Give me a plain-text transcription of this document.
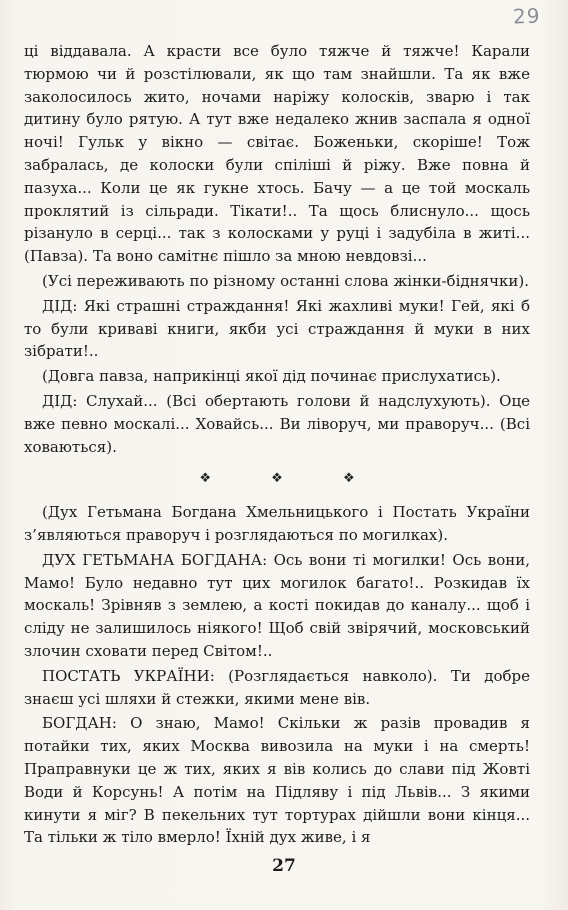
29

ці віддавала. А красти все було тяжче й тяжче! Карали тюрмою чи й розстілювали, як що там знайшли. Та як вже заколосилось жито, ночами наріжу колосків, зварю і так дитину було рятую. А тут вже недалеко жнив заспала я одної ночі! Гульк у вікно — світає. Боженьки, скоріше! Тож забралась, де колоски були спіліші й ріжу. Вже повна й пазуха... Коли це як гукне хтось. Бачу — а це той москаль проклятий із сільради. Тікати!.. Та щось блиснуло... щось різануло в серці... так з колосками у руці і задубіла в житі... (Павза). Та воно самітнє пішло за мною невдовзі...

(Усі переживають по різному останні слова жінки-біднячки).

ДІД: Які страшні страждання! Які жахливі муки! Гей, які б то були криваві книги, якби усі страждання й муки в них зібрати!..

(Довга павза, наприкінці якої дід починає прислухатись).

ДІД: Слухай... (Всі обертають голови й надслухують). Оце вже певно москалі... Ховайсь... Ви ліворуч, ми праворуч... (Всі ховаються).

❖ ❖ ❖

(Дух Гетьмана Богдана Хмельницького і Постать України з’являються праворуч і розглядаються по могилках).

ДУХ ГЕТЬМАНА БОГДАНА: Ось вони ті могилки! Ось вони, Мамо! Було недавно тут цих могилок багато!.. Розкидав їх москаль! Зрівняв з землею, а кості покидав до каналу... щоб і сліду не залишилось ніякого! Щоб свій звірячий, московський злочин сховати перед Світом!..

ПОСТАТЬ УКРАЇНИ: (Розглядається навколо). Ти добре знаєш усі шляхи й стежки, якими мене вів.

БОГДАН: О знаю, Мамо! Скільки ж разів провадив я потайки тих, яких Москва вивозила на муки і на смерть! Праправнуки це ж тих, яких я вів колись до слави під Жовті Води й Корсунь! А потім на Підляву і під Львів... З якими кинути я міг? В пекельних тут тортурах дійшли вони кінця... Та тільки ж тіло вмерло! Їхній дух живе, і я

27
